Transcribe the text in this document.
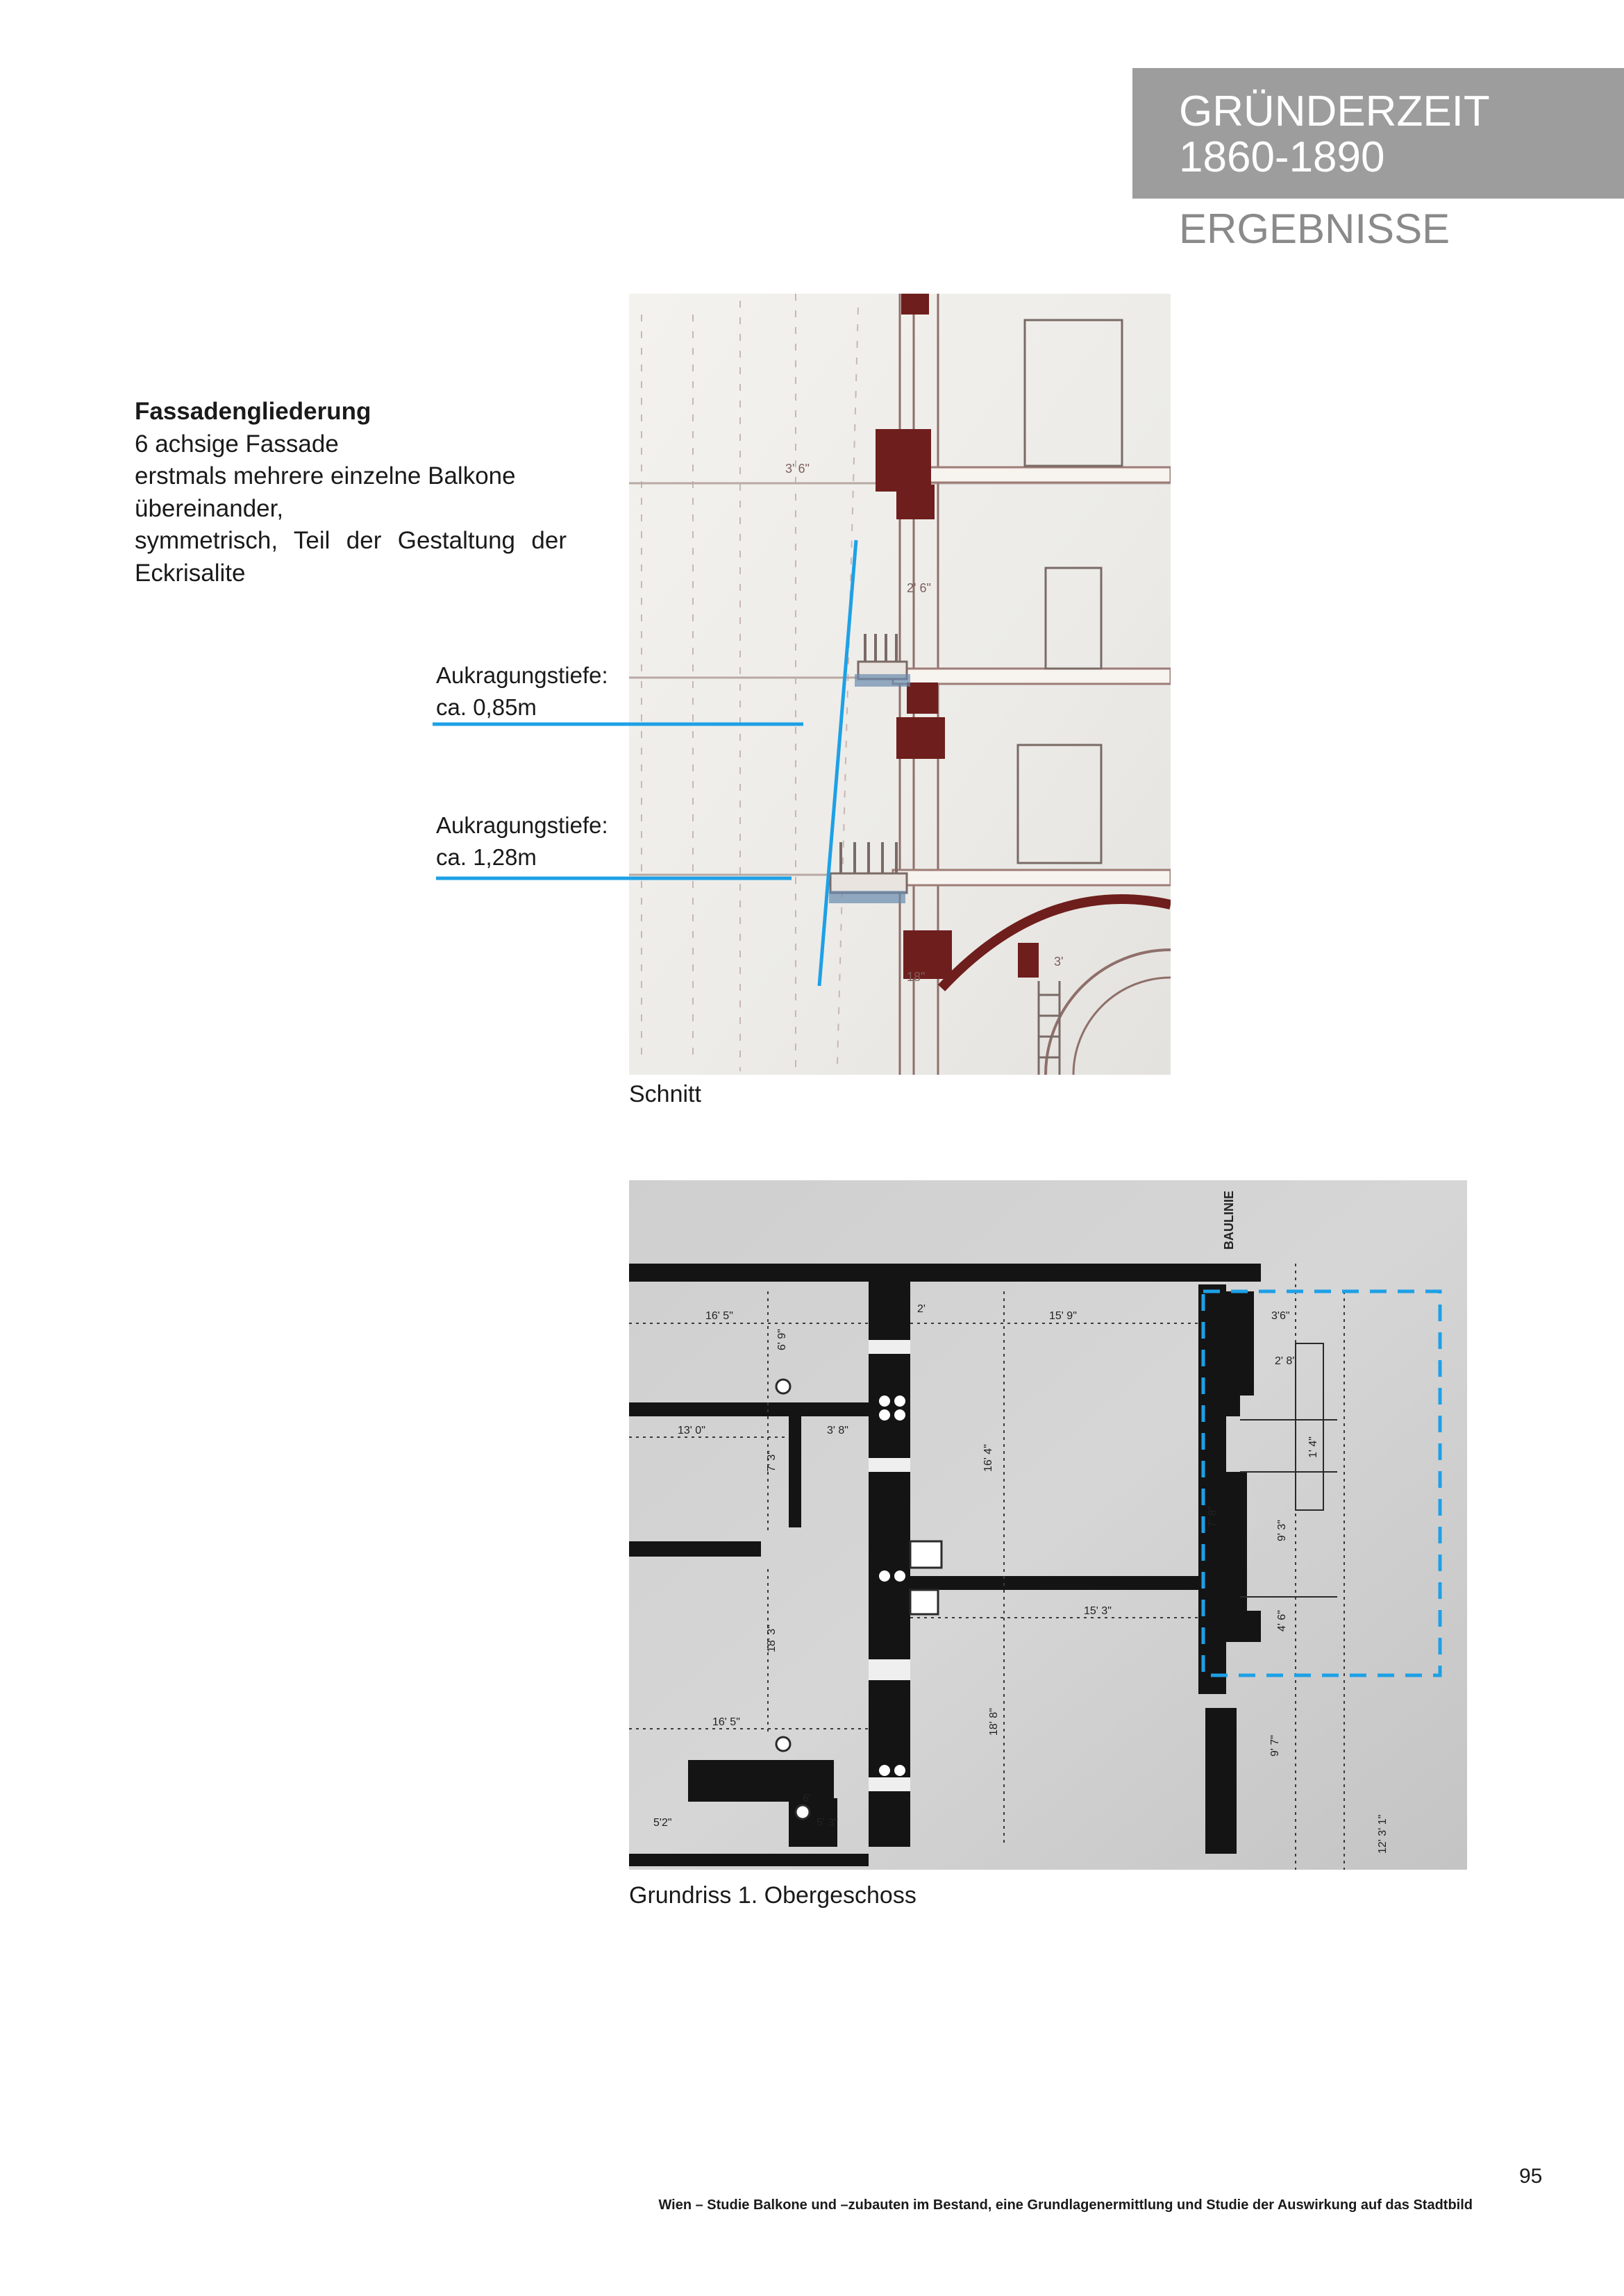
GRÜNDERZEIT
1860-1890
ERGEBNISSE
Fassadengliederung
6 achsige Fassade
erstmals mehrere einzelne Balkone
übereinander,
symmetrisch, Teil der Gestaltung der
Eckrisalite
Aukragungstiefe:
ca. 0,85m
Aukragungstiefe:
ca. 1,28m
3' 6"
2' 6"
3'
18"
Schnitt
BAULINIE
16' 5"
6' 9"
2'
15' 9"	3'6"
13' 0"	3' 8"
7' 3"	16' 4"
2' 8"
1' 4"
9' 3"
7' 8"
15' 3"	4' 6"
18' 3"
16' 5"	18' 8"
9' 7"
12' 3' 1"
5' 3"
5'2"
6'
Grundriss 1. Obergeschoss
95
Wien – Studie Balkone und –zubauten im Bestand, eine Grundlagenermittlung und Studie der Auswirkung auf das Stadtbild
